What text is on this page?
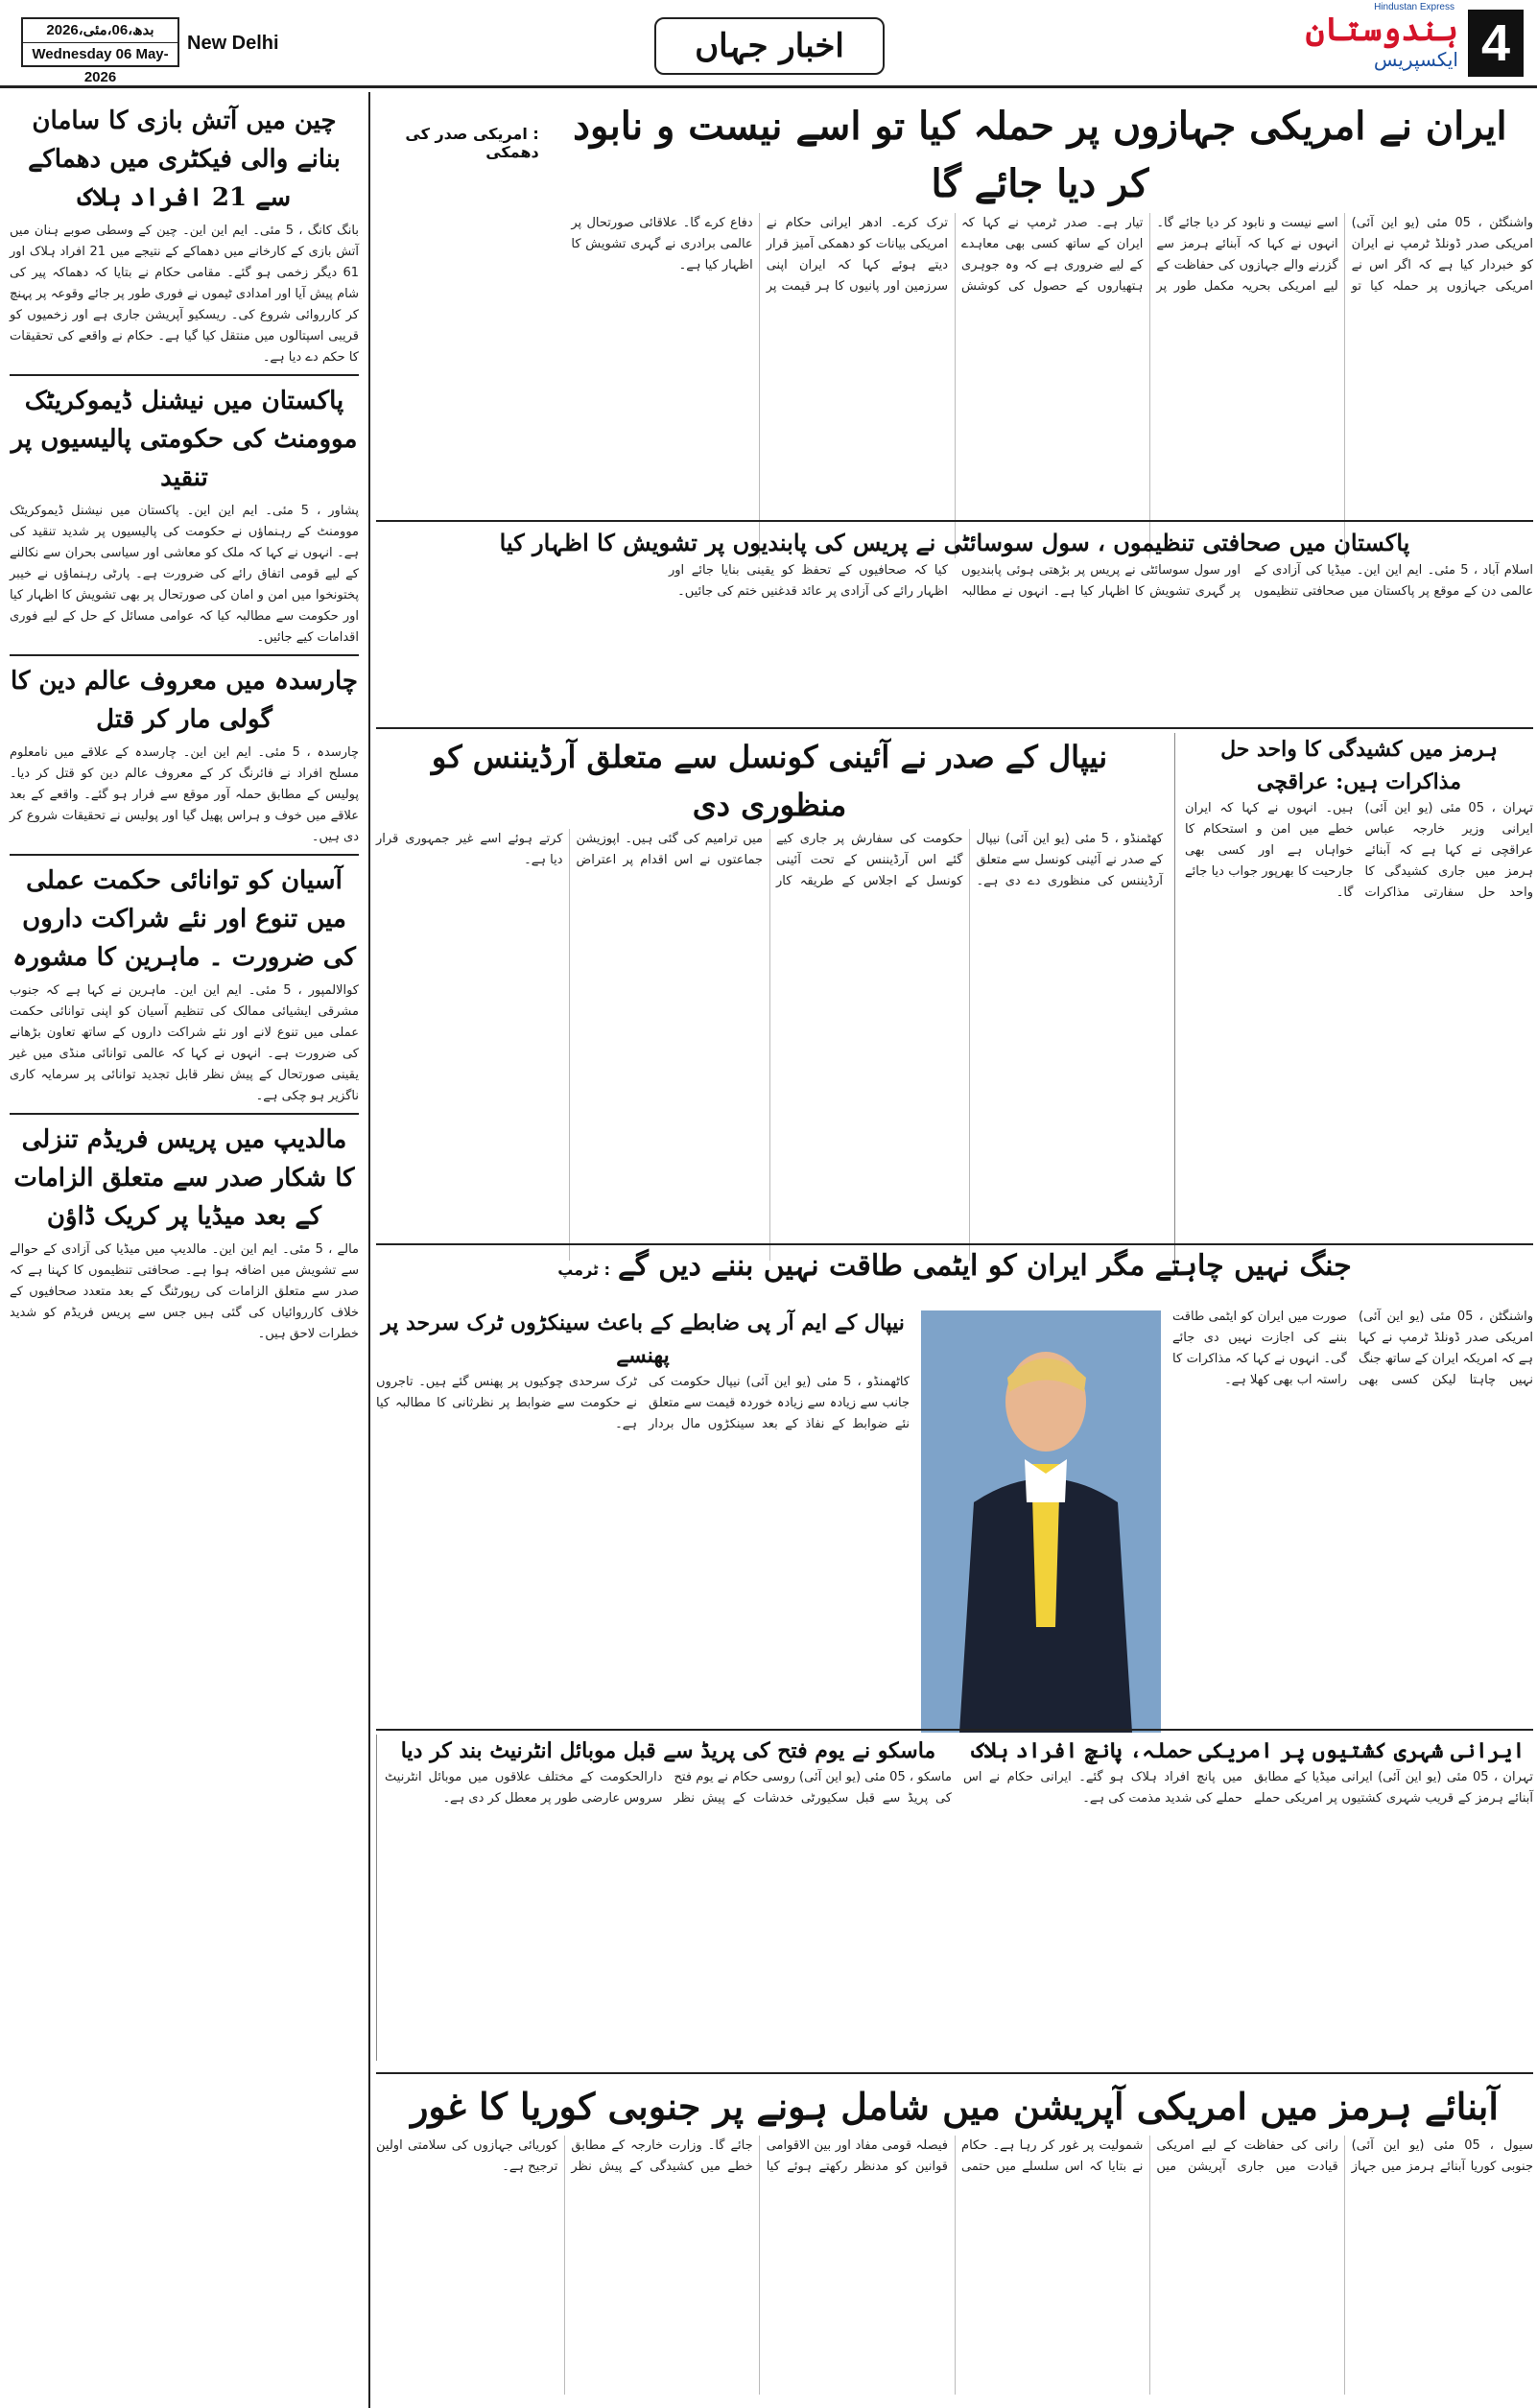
بدھ،06،مئی،2026
Wednesday 06 May-2026
New Delhi	اخبار جہاں
Hindustan Express
ہندوستان
ایکسپریس 4
چین میں آتش بازی کا سامان بنانے والی فیکٹری میں دھماکے سے 21 افراد ہلاک
بانگ کانگ ، 5 مئی۔ ایم این این۔ چین کے وسطی صوبے ہنان میں آتش بازی کے کارخانے میں دھماکے کے نتیجے میں 21 افراد ہلاک اور 61 دیگر زخمی ہو گئے۔ مقامی حکام نے بتایا کہ دھماکہ پیر کی شام پیش آیا اور امدادی ٹیموں نے فوری طور پر جائے وقوعہ پر پہنچ کر کارروائی شروع کی۔ ریسکیو آپریشن جاری ہے اور زخمیوں کو قریبی اسپتالوں میں منتقل کیا گیا ہے۔ حکام نے واقعے کی تحقیقات کا حکم دے دیا ہے۔
پاکستان میں نیشنل ڈیموکریٹک موومنٹ کی حکومتی پالیسیوں پر تنقید
پشاور ، 5 مئی۔ ایم این این۔ پاکستان میں نیشنل ڈیموکریٹک موومنٹ کے رہنماؤں نے حکومت کی پالیسیوں پر شدید تنقید کی ہے۔ انہوں نے کہا کہ ملک کو معاشی اور سیاسی بحران سے نکالنے کے لیے قومی اتفاق رائے کی ضرورت ہے۔ پارٹی رہنماؤں نے خیبر پختونخوا میں امن و امان کی صورتحال پر بھی تشویش کا اظہار کیا اور حکومت سے مطالبہ کیا کہ عوامی مسائل کے حل کے لیے فوری اقدامات کیے جائیں۔
چارسدہ میں معروف عالم دین کا گولی مار کر قتل
چارسدہ ، 5 مئی۔ ایم این این۔ چارسدہ کے علاقے میں نامعلوم مسلح افراد نے فائرنگ کر کے معروف عالم دین کو قتل کر دیا۔ پولیس کے مطابق حملہ آور موقع سے فرار ہو گئے۔ واقعے کے بعد علاقے میں خوف و ہراس پھیل گیا اور پولیس نے تحقیقات شروع کر دی ہیں۔
آسیان کو توانائی حکمت عملی میں تنوع اور نئے شراکت داروں کی ضرورت ۔ ماہرین کا مشورہ
کوالالمپور ، 5 مئی۔ ایم این این۔ ماہرین نے کہا ہے کہ جنوب مشرقی ایشیائی ممالک کی تنظیم آسیان کو اپنی توانائی حکمت عملی میں تنوع لانے اور نئے شراکت داروں کے ساتھ تعاون بڑھانے کی ضرورت ہے۔ انہوں نے کہا کہ عالمی توانائی منڈی میں غیر یقینی صورتحال کے پیش نظر قابل تجدید توانائی پر سرمایہ کاری ناگزیر ہو چکی ہے۔
مالدیپ میں پریس فریڈم تنزلی کا شکار صدر سے متعلق الزامات کے بعد میڈیا پر کریک ڈاؤن
مالے ، 5 مئی۔ ایم این این۔ مالدیپ میں میڈیا کی آزادی کے حوالے سے تشویش میں اضافہ ہوا ہے۔ صحافتی تنظیموں کا کہنا ہے کہ صدر سے متعلق الزامات کی رپورٹنگ کے بعد متعدد صحافیوں کے خلاف کارروائیاں کی گئی ہیں جس سے پریس فریڈم کو شدید خطرات لاحق ہیں۔
ایران نے امریکی جہازوں پر حملہ کیا تو اسے نیست و نابود کر دیا جائے گا
: امریکی صدر کی دھمکی
واشنگٹن ، 05 مئی (یو این آئی) امریکی صدر ڈونلڈ ٹرمپ نے ایران کو خبردار کیا ہے کہ اگر اس نے امریکی جہازوں پر حملہ کیا تو اسے نیست و نابود کر دیا جائے گا۔ انہوں نے کہا کہ آبنائے ہرمز سے گزرنے والے جہازوں کی حفاظت کے لیے امریکی بحریہ مکمل طور پر تیار ہے۔ صدر ٹرمپ نے کہا کہ ایران کے ساتھ کسی بھی معاہدے کے لیے ضروری ہے کہ وہ جوہری ہتھیاروں کے حصول کی کوشش ترک کرے۔ ادھر ایرانی حکام نے امریکی بیانات کو دھمکی آمیز قرار دیتے ہوئے کہا کہ ایران اپنی سرزمین اور پانیوں کا ہر قیمت پر دفاع کرے گا۔ علاقائی صورتحال پر عالمی برادری نے گہری تشویش کا اظہار کیا ہے۔
پاکستان میں صحافتی تنظیموں ، سول سوسائٹی نے پریس کی پابندیوں پر تشویش کا اظہار کیا
اسلام آباد ، 5 مئی۔ ایم این این۔ میڈیا کی آزادی کے عالمی دن کے موقع پر پاکستان میں صحافتی تنظیموں اور سول سوسائٹی نے پریس پر بڑھتی ہوئی پابندیوں پر گہری تشویش کا اظہار کیا ہے۔ انہوں نے مطالبہ کیا کہ صحافیوں کے تحفظ کو یقینی بنایا جائے اور اظہار رائے کی آزادی پر عائد قدغنیں ختم کی جائیں۔
ہرمز میں کشیدگی کا واحد حل مذاکرات ہیں: عراقچی
تہران ، 05 مئی (یو این آئی) ایرانی وزیر خارجہ عباس عراقچی نے کہا ہے کہ آبنائے ہرمز میں جاری کشیدگی کا واحد حل سفارتی مذاکرات ہیں۔ انہوں نے کہا کہ ایران خطے میں امن و استحکام کا خواہاں ہے اور کسی بھی جارحیت کا بھرپور جواب دیا جائے گا۔
نیپال کے صدر نے آئینی کونسل سے متعلق آرڈیننس کو منظوری دی
کھٹمنڈو ، 5 مئی (یو این آئی) نیپال کے صدر نے آئینی کونسل سے متعلق آرڈیننس کی منظوری دے دی ہے۔ حکومت کی سفارش پر جاری کیے گئے اس آرڈیننس کے تحت آئینی کونسل کے اجلاس کے طریقہ کار میں ترامیم کی گئی ہیں۔ اپوزیشن جماعتوں نے اس اقدام پر اعتراض کرتے ہوئے اسے غیر جمہوری قرار دیا ہے۔
جنگ نہیں چاہتے مگر ایران کو ایٹمی طاقت نہیں بننے دیں گے
: ٹرمپ
واشنگٹن ، 05 مئی (یو این آئی) امریکی صدر ڈونلڈ ٹرمپ نے کہا ہے کہ امریکہ ایران کے ساتھ جنگ نہیں چاہتا لیکن کسی بھی صورت میں ایران کو ایٹمی طاقت بننے کی اجازت نہیں دی جائے گی۔ انہوں نے کہا کہ مذاکرات کا راستہ اب بھی کھلا ہے۔
نیپال کے ایم آر پی ضابطے کے باعث سینکڑوں ٹرک سرحد پر پھنسے
کاٹھمنڈو ، 5 مئی (یو این آئی) نیپال حکومت کی جانب سے زیادہ سے زیادہ خوردہ قیمت سے متعلق نئے ضوابط کے نفاذ کے بعد سینکڑوں مال بردار ٹرک سرحدی چوکیوں پر پھنس گئے ہیں۔ تاجروں نے حکومت سے ضوابط پر نظرثانی کا مطالبہ کیا ہے۔
ایرانی شہری کشتیوں پر امریکی حملہ، پانچ افراد ہلاک
تہران ، 05 مئی (یو این آئی) ایرانی میڈیا کے مطابق آبنائے ہرمز کے قریب شہری کشتیوں پر امریکی حملے میں پانچ افراد ہلاک ہو گئے۔ ایرانی حکام نے اس حملے کی شدید مذمت کی ہے۔
ماسکو نے یوم فتح کی پریڈ سے قبل موبائل انٹرنیٹ بند کر دیا
ماسکو ، 05 مئی (یو این آئی) روسی حکام نے یوم فتح کی پریڈ سے قبل سکیورٹی خدشات کے پیش نظر دارالحکومت کے مختلف علاقوں میں موبائل انٹرنیٹ سروس عارضی طور پر معطل کر دی ہے۔
آبنائے ہرمز میں امریکی آپریشن میں شامل ہونے پر جنوبی کوریا کا غور
سیول ، 05 مئی (یو این آئی) جنوبی کوریا آبنائے ہرمز میں جہاز رانی کی حفاظت کے لیے امریکی قیادت میں جاری آپریشن میں شمولیت پر غور کر رہا ہے۔ حکام نے بتایا کہ اس سلسلے میں حتمی فیصلہ قومی مفاد اور بین الاقوامی قوانین کو مدنظر رکھتے ہوئے کیا جائے گا۔ وزارت خارجہ کے مطابق خطے میں کشیدگی کے پیش نظر کوریائی جہازوں کی سلامتی اولین ترجیح ہے۔
